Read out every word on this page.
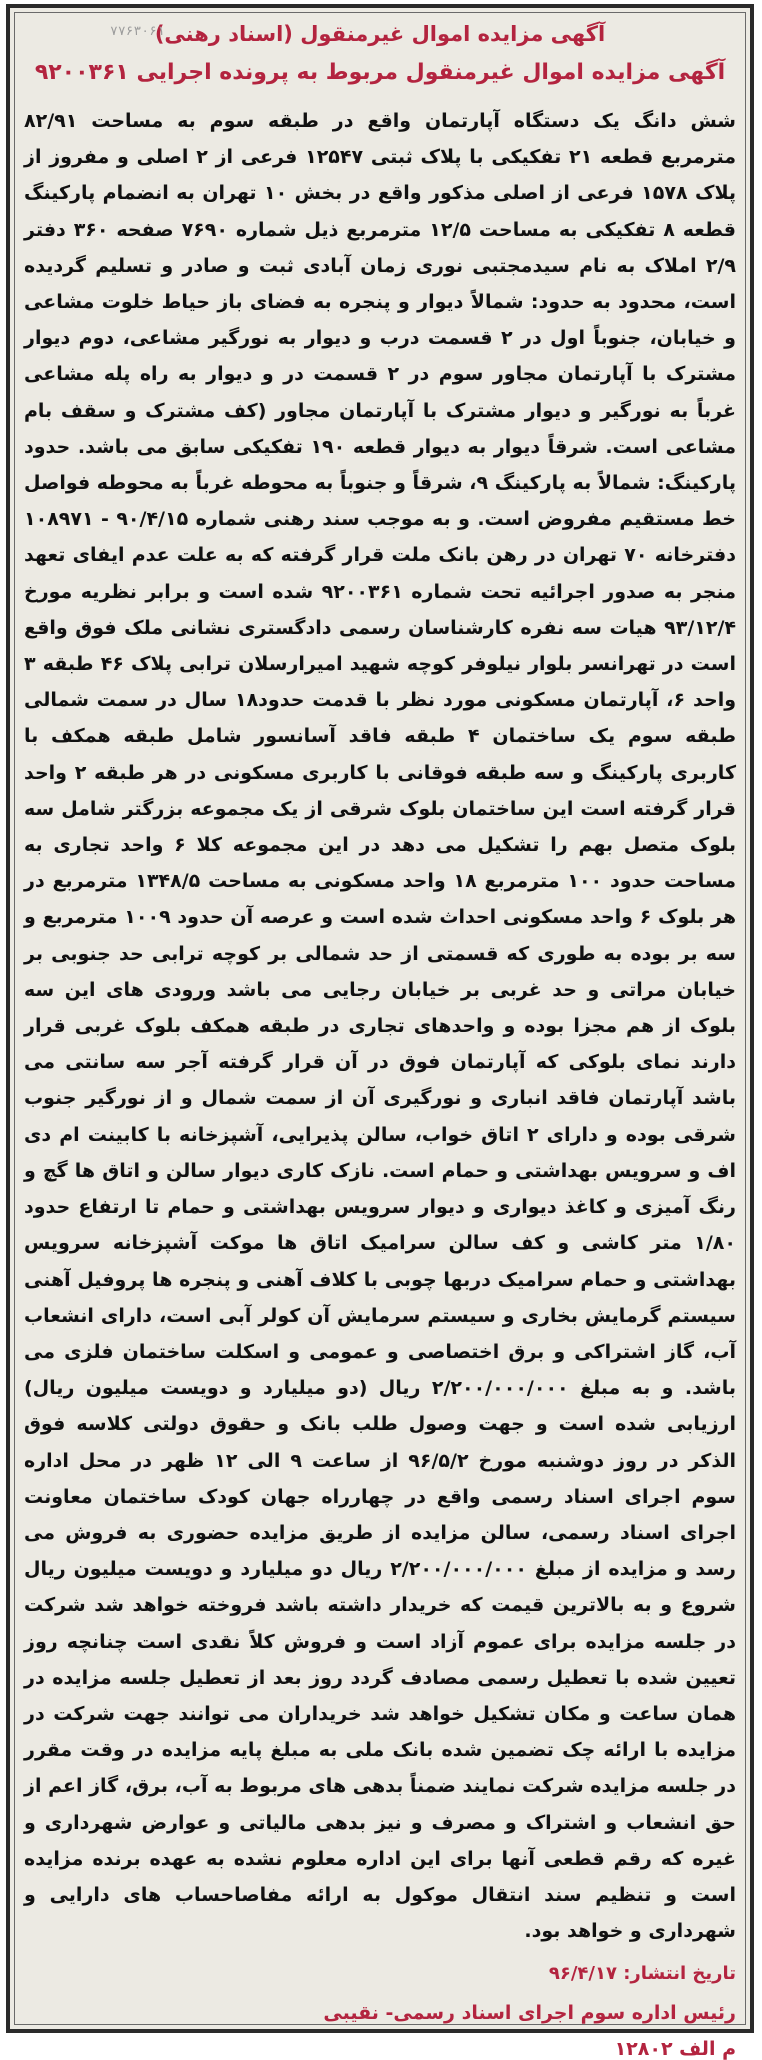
۷۷۶۳۰۶۱
آگهی مزایده اموال غیرمنقول (اسناد رهنی)
آگهی مزایده اموال غیرمنقول مربوط به پرونده اجرایی ۹۲۰۰۳۶۱
شش دانگ یک دستگاه آپارتمان واقع در طبقه سوم به مساحت ۸۲/۹۱ مترمربع قطعه ۲۱ تفکیکی با پلاک ثبتی ۱۲۵۴۷ فرعی از ۲ اصلی و مفروز از پلاک ۱۵۷۸ فرعی از اصلی مذکور واقع در بخش ۱۰ تهران به انضمام پارکینگ قطعه ۸ تفکیکی به مساحت ۱۲/۵ مترمربع ذیل شماره ۷۶۹۰ صفحه ۳۶۰ دفتر ۲/۹ املاک به نام سیدمجتبی نوری زمان آبادی ثبت و صادر و تسلیم گردیده است، محدود به حدود: شمالاً دیوار و پنجره به فضای باز حیاط خلوت مشاعی و خیابان، جنوباً اول در ۲ قسمت درب و دیوار به نورگیر مشاعی، دوم دیوار مشترک با آپارتمان مجاور سوم در ۲ قسمت در و دیوار به راه پله مشاعی غرباً به نورگیر و دیوار مشترک با آپارتمان مجاور (کف مشترک و سقف بام مشاعی است. شرقاً دیوار به دیوار قطعه ۱۹۰ تفکیکی سابق می باشد. حدود پارکینگ: شمالاً به پارکینگ ۹، شرقاً و جنوباً به محوطه غرباً به محوطه فواصل خط مستقیم مفروض است. و به موجب سند رهنی شماره ۹۰/۴/۱۵ - ۱۰۸۹۷۱ دفترخانه ۷۰ تهران در رهن بانک ملت قرار گرفته که به علت عدم ایفای تعهد منجر به صدور اجرائیه تحت شماره ۹۲۰۰۳۶۱ شده است و برابر نظریه مورخ ۹۳/۱۲/۴ هیات سه نفره کارشناسان رسمی دادگستری نشانی ملک فوق واقع است در تهرانسر بلوار نیلوفر کوچه شهید امیرارسلان ترابی پلاک ۴۶ طبقه ۳ واحد ۶، آپارتمان مسکونی مورد نظر با قدمت حدود۱۸ سال در سمت شمالی طبقه سوم یک ساختمان ۴ طبقه فاقد آسانسور شامل طبقه همکف با کاربری پارکینگ و سه طبقه فوقانی با کاربری مسکونی در هر طبقه ۲ واحد قرار گرفته است این ساختمان بلوک شرقی از یک مجموعه بزرگتر شامل سه بلوک متصل بهم را تشکیل می دهد در این مجموعه کلا ۶ واحد تجاری به مساحت حدود ۱۰۰ مترمربع ۱۸ واحد مسکونی به مساحت ۱۳۴۸/۵ مترمربع در هر بلوک ۶ واحد مسکونی احداث شده است و عرصه آن حدود ۱۰۰۹ مترمربع و سه بر بوده به طوری که قسمتی از حد شمالی بر کوچه ترابی حد جنوبی بر خیابان مراتی و حد غربی بر خیابان رجایی می باشد ورودی های این سه بلوک از هم مجزا بوده و واحدهای تجاری در طبقه همکف بلوک غربی قرار دارند نمای بلوکی که آپارتمان فوق در آن قرار گرفته آجر سه سانتی می باشد آپارتمان فاقد انباری و نورگیری آن از سمت شمال و از نورگیر جنوب شرقی بوده و دارای ۲ اتاق خواب، سالن پذیرایی، آشپزخانه با کابینت ام دی اف و سرویس بهداشتی و حمام است. نازک کاری دیوار سالن و اتاق ها گچ و رنگ آمیزی و کاغذ دیواری و دیوار سرویس بهداشتی و حمام تا ارتفاع حدود ۱/۸۰ متر کاشی و کف سالن سرامیک اتاق ها موکت آشپزخانه سرویس بهداشتی و حمام سرامیک دربها چوبی با کلاف آهنی و پنجره ها پروفیل آهنی سیستم گرمایش بخاری و سیستم سرمایش آن کولر آبی است، دارای انشعاب آب، گاز اشتراکی و برق اختصاصی و عمومی و اسکلت ساختمان فلزی می باشد. و به مبلغ ۲/۲۰۰/۰۰۰/۰۰۰ ریال (دو میلیارد و دویست میلیون ریال) ارزیابی شده است و جهت وصول طلب بانک و حقوق دولتی کلاسه فوق الذکر در روز دوشنبه مورخ ۹۶/۵/۲ از ساعت ۹ الی ۱۲ ظهر در محل اداره سوم اجرای اسناد رسمی واقع در چهارراه جهان کودک ساختمان معاونت اجرای اسناد رسمی، سالن مزایده از طریق مزایده حضوری به فروش می رسد و مزایده از مبلغ ۲/۲۰۰/۰۰۰/۰۰۰ ریال دو میلیارد و دویست میلیون ریال شروع و به بالاترین قیمت که خریدار داشته باشد فروخته خواهد شد شرکت در جلسه مزایده برای عموم آزاد است و فروش کلاً نقدی است چنانچه روز تعیین شده با تعطیل رسمی مصادف گردد روز بعد از تعطیل جلسه مزایده در همان ساعت و مکان تشکیل خواهد شد خریداران می توانند جهت شرکت در مزایده با ارائه چک تضمین شده بانک ملی به مبلغ پایه مزایده در وقت مقرر در جلسه مزایده شرکت نمایند ضمناً بدهی های مربوط به آب، برق، گاز اعم از حق انشعاب و اشتراک و مصرف و نیز بدهی مالیاتی و عوارض شهرداری و غیره که رقم قطعی آنها برای این اداره معلوم نشده به عهده برنده مزایده است و تنظیم سند انتقال موکول به ارائه مفاصاحساب های دارایی و شهرداری و خواهد بود.
تاریخ انتشار: ۹۶/۴/۱۷
رئیس اداره سوم اجرای اسناد رسمی- نقیبی
م الف ۱۲۸۰۲
